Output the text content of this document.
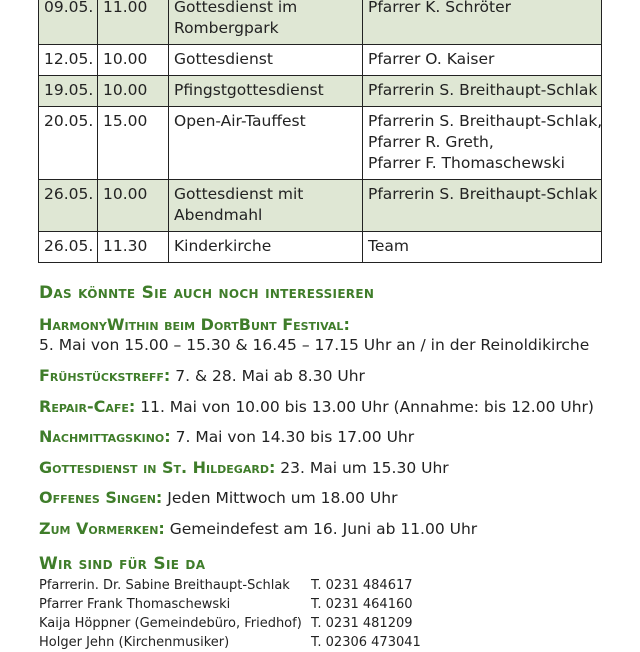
09.05.	11.00	Gottesdienst im
Rombergpark	Pfarrer K. Schröter

12.05.	10.00	Gottesdienst	Pfarrer O. Kaiser

19.05.	10.00	Pfingstgottesdienst	Pfarrerin S. Breithaupt-Schlak

20.05.	15.00	Open-Air-Tauffest	Pfarrerin S. Breithaupt-Schlak,
Pfarrer R. Greth,
Pfarrer F. Thomaschewski

26.05.	10.00	Gottesdienst mit
Abendmahl	Pfarrerin S. Breithaupt-Schlak

26.05.	11.30	Kinderkirche	Team
Das könnte Sie auch noch interessieren
HarmonyWithin beim DortBunt Festival:
5. Mai von 15.00 – 15.30 & 16.45 – 17.15 Uhr an / in der Reinoldikirche
Frühstückstreff: 7. & 28. Mai ab 8.30 Uhr
Repair-Cafe: 11. Mai von 10.00 bis 13.00 Uhr (Annahme: bis 12.00 Uhr)
Nachmittagskino: 7. Mai von 14.30 bis 17.00 Uhr
Gottesdienst in St. Hildegard: 23. Mai um 15.30 Uhr
Offenes Singen: Jeden Mittwoch um 18.00 Uhr
Zum Vormerken: Gemeindefest am 16. Juni ab 11.00 Uhr
Wir sind für Sie da
Pfarrerin. Dr. Sabine Breithaupt-Schlak	T. 0231 484617
Pfarrer Frank Thomaschewski	T. 0231 464160
Kaija Höppner (Gemeindebüro, Friedhof) T. 0231 481209
Holger Jehn (Kirchenmusiker)	T. 02306 473041
